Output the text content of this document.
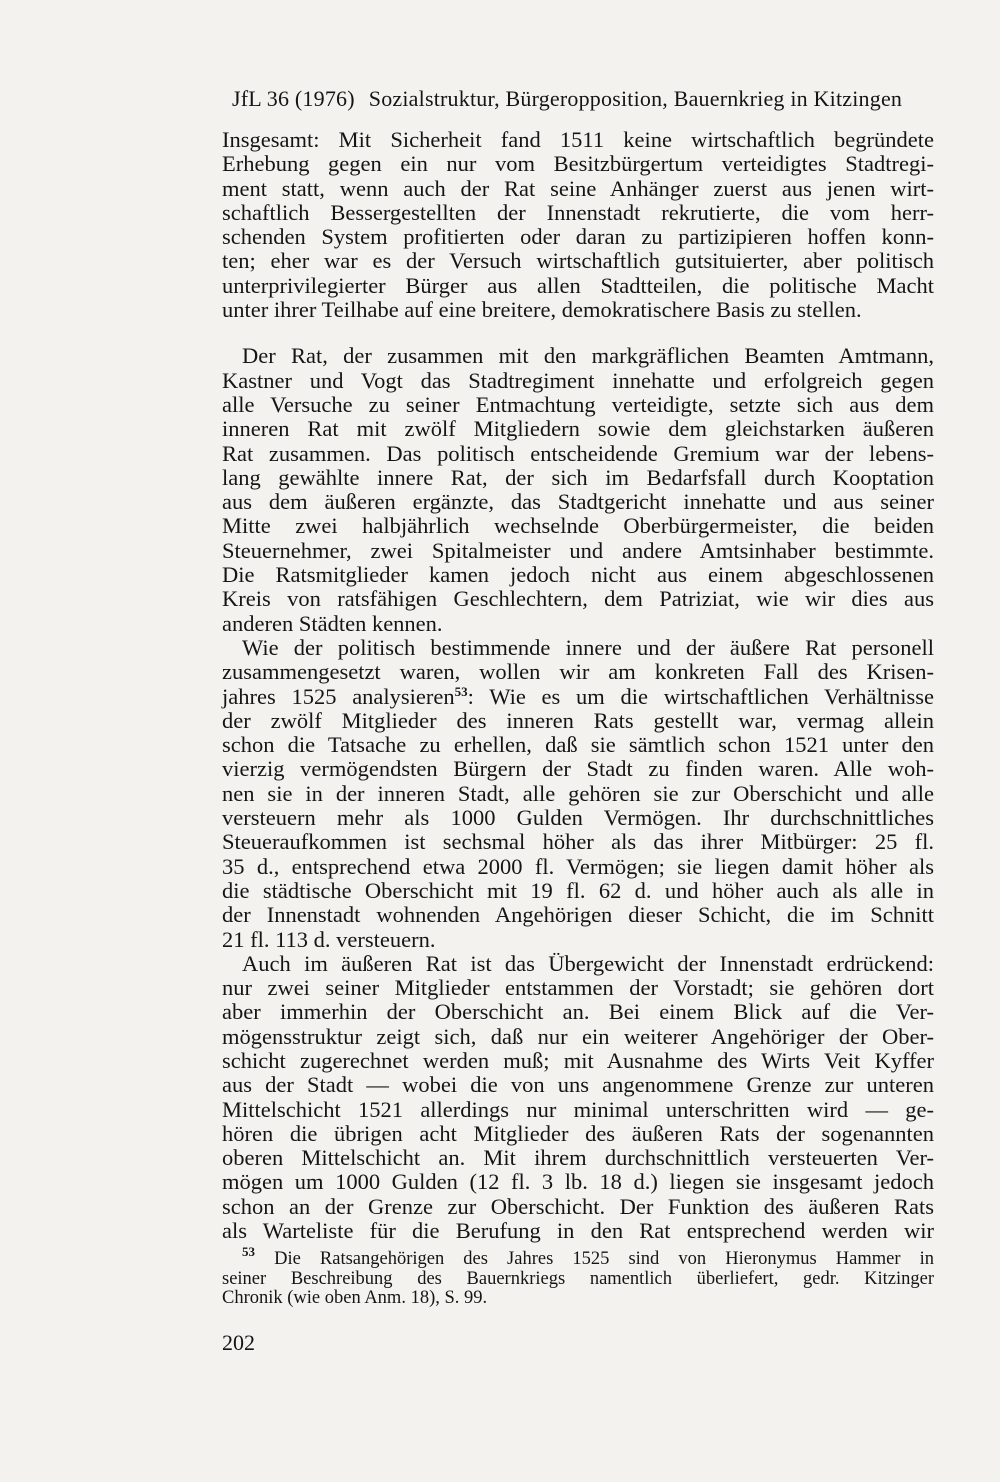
JfL 36 (1976) Sozialstruktur, Bürgeropposition, Bauernkrieg in Kitzingen
Insgesamt: Mit Sicherheit fand 1511 keine wirtschaftlich begründete
Erhebung gegen ein nur vom Besitzbürgertum verteidigtes Stadtregi-
ment statt, wenn auch der Rat seine Anhänger zuerst aus jenen wirt-
schaftlich Bessergestellten der Innenstadt rekrutierte, die vom herr-
schenden System profitierten oder daran zu partizipieren hoffen konn-
ten; eher war es der Versuch wirtschaftlich gutsituierter, aber politisch
unterprivilegierter Bürger aus allen Stadtteilen, die politische Macht
unter ihrer Teilhabe auf eine breitere, demokratischere Basis zu stellen.
Der Rat, der zusammen mit den markgräflichen Beamten Amtmann,
Kastner und Vogt das Stadtregiment innehatte und erfolgreich gegen
alle Versuche zu seiner Entmachtung verteidigte, setzte sich aus dem
inneren Rat mit zwölf Mitgliedern sowie dem gleichstarken äußeren
Rat zusammen. Das politisch entscheidende Gremium war der lebens-
lang gewählte innere Rat, der sich im Bedarfsfall durch Kooptation
aus dem äußeren ergänzte, das Stadtgericht innehatte und aus seiner
Mitte zwei halbjährlich wechselnde Oberbürgermeister, die beiden
Steuernehmer, zwei Spitalmeister und andere Amtsinhaber bestimmte.
Die Ratsmitglieder kamen jedoch nicht aus einem abgeschlossenen
Kreis von ratsfähigen Geschlechtern, dem Patriziat, wie wir dies aus
anderen Städten kennen.
Wie der politisch bestimmende innere und der äußere Rat personell
zusammengesetzt waren, wollen wir am konkreten Fall des Krisen-
jahres 1525 analysieren$^{53}$: Wie es um die wirtschaftlichen Verhältnisse
der zwölf Mitglieder des inneren Rats gestellt war, vermag allein
schon die Tatsache zu erhellen, daß sie sämtlich schon 1521 unter den
vierzig vermögendsten Bürgern der Stadt zu finden waren. Alle woh-
nen sie in der inneren Stadt, alle gehören sie zur Oberschicht und alle
versteuern mehr als 1000 Gulden Vermögen. Ihr durchschnittliches
Steueraufkommen ist sechsmal höher als das ihrer Mitbürger: 25 fl.
35 d., entsprechend etwa 2000 fl. Vermögen; sie liegen damit höher als
die städtische Oberschicht mit 19 fl. 62 d. und höher auch als alle in
der Innenstadt wohnenden Angehörigen dieser Schicht, die im Schnitt
21 fl. 113 d. versteuern.
Auch im äußeren Rat ist das Übergewicht der Innenstadt erdrückend:
nur zwei seiner Mitglieder entstammen der Vorstadt; sie gehören dort
aber immerhin der Oberschicht an. Bei einem Blick auf die Ver-
mögensstruktur zeigt sich, daß nur ein weiterer Angehöriger der Ober-
schicht zugerechnet werden muß; mit Ausnahme des Wirts Veit Kyffer
aus der Stadt — wobei die von uns angenommene Grenze zur unteren
Mittelschicht 1521 allerdings nur minimal unterschritten wird — ge-
hören die übrigen acht Mitglieder des äußeren Rats der sogenannten
oberen Mittelschicht an. Mit ihrem durchschnittlich versteuerten Ver-
mögen um 1000 Gulden (12 fl. 3 lb. 18 d.) liegen sie insgesamt jedoch
schon an der Grenze zur Oberschicht. Der Funktion des äußeren Rats
als Warteliste für die Berufung in den Rat entsprechend werden wir
$^{53}$ Die Ratsangehörigen des Jahres 1525 sind von Hieronymus Hammer in
seiner Beschreibung des Bauernkriegs namentlich überliefert, gedr. Kitzinger
Chronik (wie oben Anm. 18), S. 99.
202
